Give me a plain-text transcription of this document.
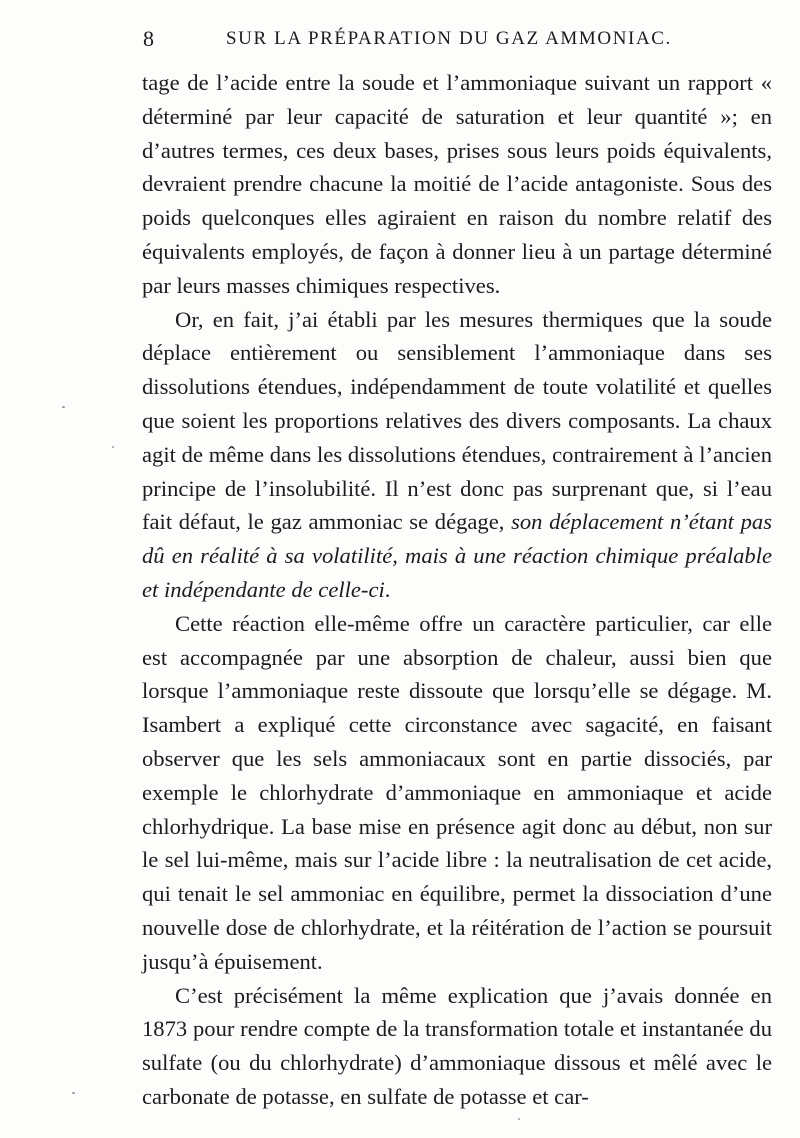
8	SUR LA PRÉPARATION DU GAZ AMMONIAC.

tage de l’acide entre la soude et l’ammoniaque suivant un rapport « déterminé par leur capacité de saturation et leur quantité »; en d’autres termes, ces deux bases, prises sous leurs poids équivalents, devraient prendre chacune la moitié de l’acide antagoniste. Sous des poids quelconques elles agiraient en raison du nombre relatif des équivalents employés, de façon à donner lieu à un partage déterminé par leurs masses chimiques respectives.

Or, en fait, j’ai établi par les mesures thermiques que la soude déplace entièrement ou sensiblement l’ammoniaque dans ses dissolutions étendues, indépendamment de toute volatilité et quelles que soient les proportions relatives des divers composants. La chaux agit de même dans les dissolutions étendues, contrairement à l’ancien principe de l’insolubilité. Il n’est donc pas surprenant que, si l’eau fait défaut, le gaz ammoniac se dégage, son déplacement n’étant pas dû en réalité à sa volatilité, mais à une réaction chimique préalable et indépendante de celle-ci.

Cette réaction elle-même offre un caractère particulier, car elle est accompagnée par une absorption de chaleur, aussi bien que lorsque l’ammoniaque reste dissoute que lorsqu’elle se dégage. M. Isambert a expliqué cette circonstance avec sagacité, en faisant observer que les sels ammoniacaux sont en partie dissociés, par exemple le chlorhydrate d’ammoniaque en ammoniaque et acide chlorhydrique. La base mise en présence agit donc au début, non sur le sel lui-même, mais sur l’acide libre : la neutralisation de cet acide, qui tenait le sel ammoniac en équilibre, permet la dissociation d’une nouvelle dose de chlorhydrate, et la réitération de l’action se poursuit jusqu’à épuisement.

C’est précisément la même explication que j’avais donnée en 1873 pour rendre compte de la transformation totale et instantanée du sulfate (ou du chlorhydrate) d’ammoniaque dissous et mêlé avec le carbonate de potasse, en sulfate de potasse et car-
